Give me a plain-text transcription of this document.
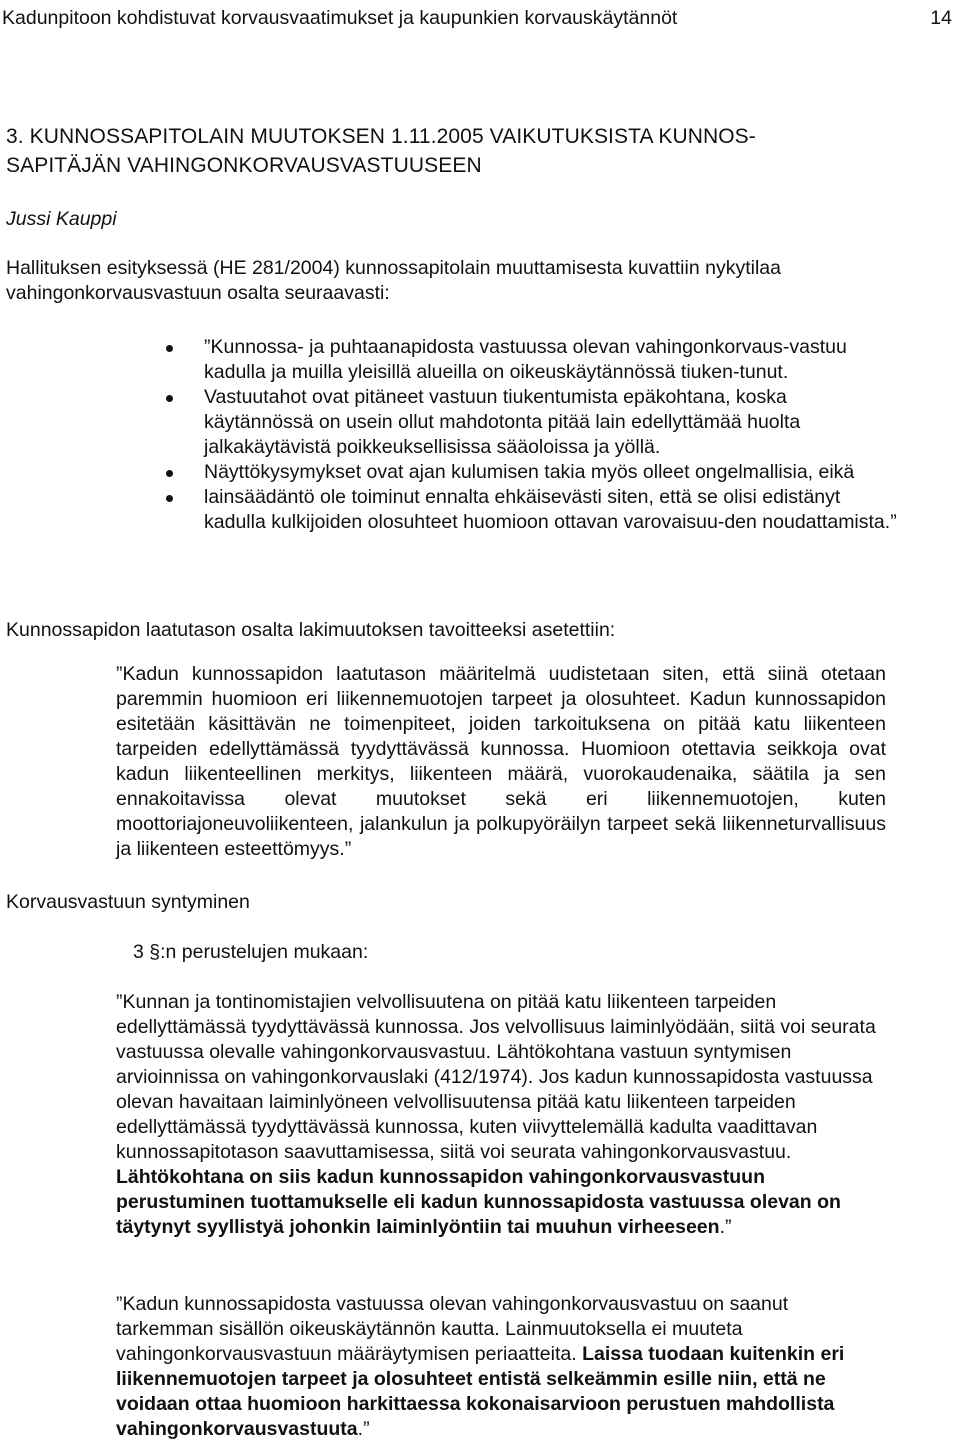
Kadunpitoon kohdistuvat korvausvaatimukset ja kaupunkien korvauskäytännöt	14
3. KUNNOSSAPITOLAIN MUUTOKSEN 1.11.2005 VAIKUTUKSISTA KUNNOS-
SAPITÄJÄN VAHINGONKORVAUSVASTUUSEEN
Jussi Kauppi

Hallituksen esityksessä (HE 281/2004) kunnossapitolain muuttamisesta kuvattiin nykytilaa vahingonkorvausvastuun osalta seuraavasti:

”Kunnossa- ja puhtaanapidosta vastuussa olevan vahingonkorvaus-vastuu kadulla ja muilla yleisillä alueilla on oikeuskäytännössä tiuken-tunut.
Vastuutahot ovat pitäneet vastuun tiukentumista epäkohtana, koska käytännössä on usein ollut mahdotonta pitää lain edellyttämää huolta jalkakäytävistä poikkeuksellisissa sääoloissa ja yöllä.
Näyttökysymykset ovat ajan kulumisen takia myös olleet ongelmallisia, eikä lainsäädäntö ole toiminut ennalta ehkäisevästi siten, että se olisi edistänyt kadulla kulkijoiden olosuhteet huomioon ottavan varovaisuu-den noudattamista.”

Kunnossapidon laatutason osalta lakimuutoksen tavoitteeksi asetettiin:

”Kadun kunnossapidon laatutason määritelmä uudistetaan siten, että siinä otetaan paremmin huomioon eri liikennemuotojen tarpeet ja olosuhteet. Kadun kunnossapidon esitetään käsittävän ne toimenpiteet, joiden tarkoituksena on pitää katu liikenteen tarpeiden edellyttämässä tyydyttävässä kunnossa. Huomioon otettavia seikkoja ovat kadun liikenteellinen merkitys, liikenteen määrä, vuorokaudenaika, säätila ja sen ennakoitavissa olevat muutokset sekä eri liikennemuotojen, kuten moottoriajoneuvoliikenteen, jalankulun ja polkupyöräilyn tarpeet sekä liikenneturvallisuus ja liikenteen esteettömyys.”

Korvausvastuun syntyminen

3 §:n perustelujen mukaan:

”Kunnan ja tontinomistajien velvollisuutena on pitää katu liikenteen tarpeiden edellyttämässä tyydyttävässä kunnossa. Jos velvollisuus laiminlyödään, siitä voi seurata vastuussa olevalle vahingonkorvausvastuu. Lähtökohtana vastuun syntymisen arvioinnissa on vahingonkorvauslaki (412/1974). Jos kadun kunnossapidosta vastuussa olevan havaitaan laiminlyöneen velvollisuutensa pitää katu liikenteen tarpeiden edellyttämässä tyydyttävässä kunnossa, kuten viivyttelemällä kadulta vaadittavan kunnossapitotason saavuttamisessa, siitä voi seurata vahingonkorvausvastuu. Lähtökohtana on siis kadun kunnossapidon vahingonkorvausvastuun perustuminen tuottamukselle eli kadun kunnossapidosta vastuussa olevan on täytynyt syyllistyä johonkin laiminlyöntiin tai muuhun virheeseen.”

”Kadun kunnossapidosta vastuussa olevan vahingonkorvausvastuu on saanut tarkemman sisällön oikeuskäytännön kautta. Lainmuutoksella ei muuteta vahingonkorvausvastuun määräytymisen periaatteita. Laissa tuodaan kuitenkin eri liikennemuotojen tarpeet ja olosuhteet entistä selkeämmin esille niin, että ne voidaan ottaa huomioon harkittaessa kokonaisarvioon perustuen mahdollista vahingonkorvausvastuuta.”
